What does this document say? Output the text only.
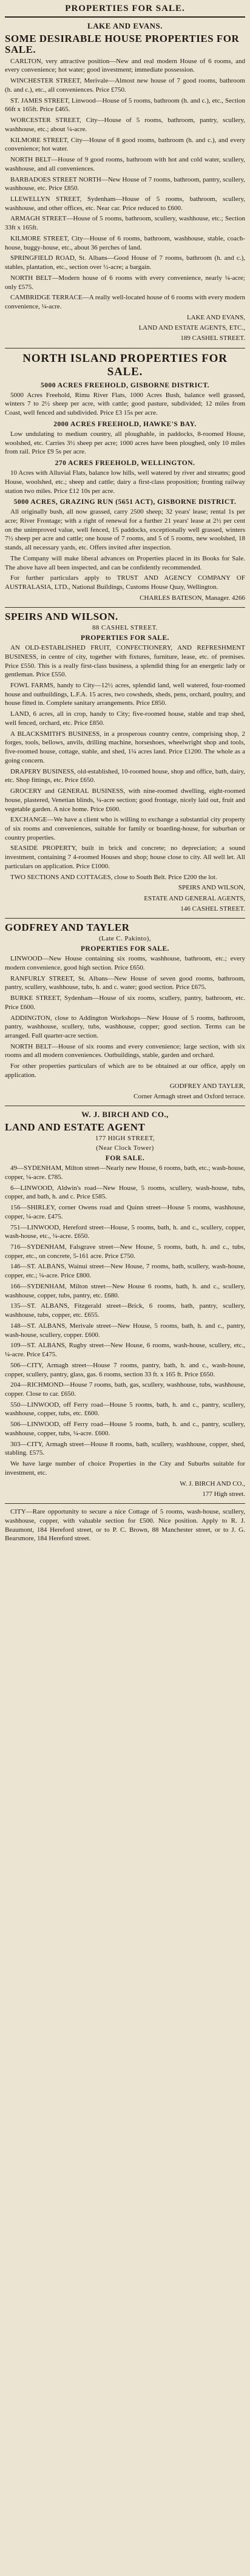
PROPERTIES FOR SALE.
LAKE AND EVANS.
SOME DESIRABLE HOUSE PROPERTIES FOR SALE.

CARLTON, very attractive position—New and real modern House of 6 rooms, and every convenience; hot water; good investment; immediate possession.

WINCHESTER STREET, Merivale—Almost new house of 7 good rooms, bathroom (h. and c.), etc., all conveniences. Price £750.

ST. JAMES STREET, Linwood—House of 5 rooms, bathroom (h. and c.), etc., Section 66ft x 165ft. Price £465.

WORCESTER STREET, City—House of 5 rooms, bathroom, pantry, scullery, washhouse, etc.; about ¼-acre.

KILMORE STREET, City—House of 8 good rooms, bathroom (h. and c.), and every convenience; hot water.

NORTH BELT—House of 9 good rooms, bathroom with hot and cold water, scullery, washhouse, and all conveniences.

BARBADOES STREET NORTH—New House of 7 rooms, bathroom, pantry, scullery, washhouse, etc. Price £850.

LLEWELLYN STREET, Sydenham—House of 5 rooms, bathroom, scullery, washhouse, and other offices, etc. Near car. Price reduced to £600.

ARMAGH STREET—House of 5 rooms, bathroom, scullery, washhouse, etc.; Section 33ft x 165ft.

KILMORE STREET, City—House of 6 rooms, bathroom, washhouse, stable, coach-house, buggy-house, etc., about 36 perches of land.

SPRINGFIELD ROAD, St. Albans—Good House of 7 rooms, bathroom (h. and c.), stables, plantation, etc., section over ½-acre; a bargain.

NORTH BELT—Modern house of 6 rooms with every convenience, nearly ¼-acre; only £575.

CAMBRIDGE TERRACE—A really well-located house of 6 rooms with every modern convenience, ¼-acre.

LAKE AND EVANS,
LAND AND ESTATE AGENTS, ETC.,
189 CASHEL STREET.
NORTH ISLAND PROPERTIES FOR SALE.
5000 ACRES FREEHOLD, GISBORNE DISTRICT.

5000 Acres Freehold, Rimu River Flats, 1000 Acres Bush, balance well grassed, winters 7 to 2½ sheep per acre, with cattle; good pasture, subdivided; 12 miles from Coast, well fenced and subdivided. Price £3 15s per acre.

2000 ACRES FREEHOLD, HAWKE'S BAY.

Low undulating to medium country, all ploughable, in paddocks, 8-roomed House, woolshed, etc. Carries 3½ sheep per acre; 1000 acres have been ploughed, only 10 miles from rail. Price £9 5s per acre.

270 ACRES FREEHOLD, WELLINGTON.

10 Acres with Alluvial Flats, balance low hills, well watered by river and streams; good House, woolshed, etc.; sheep and cattle; dairy a first-class proposition; fronting railway station two miles. Price £12 10s per acre.

5000 ACRES, GRAZING RUN (5651 ACT), GISBORNE DISTRICT.

All originally bush, all now grassed, carry 2500 sheep; 32 years' lease; rental 1s per acre; River Frontage; with a right of renewal for a further 21 years' lease at 2½ per cent on the unimproved value, well fenced, 15 paddocks, exceptionally well grassed, winters 7½ sheep per acre and cattle; one house of 7 rooms, and 5 of 5 rooms, new woolshed, 18 stands, all necessary yards, etc. Offers invited after inspection.

The Company will make liberal advances on Properties placed in its Books for Sale. The above have all been inspected, and can be confidently recommended.

For further particulars apply to TRUST AND AGENCY COMPANY OF AUSTRALASIA, LTD., National Buildings, Customs House Quay, Wellington.

CHARLES BATESON, Manager. 4266
SPEIRS AND WILSON.
88 CASHEL STREET.
PROPERTIES FOR SALE.

AN OLD-ESTABLISHED FRUIT, CONFECTIONERY, AND REFRESHMENT BUSINESS, in centre of city, together with fixtures, furniture, lease, etc. of premises. Price £550. This is a really first-class business, a splendid thing for an energetic lady or gentleman. Price £550.

FOWL FARMS, handy to City—12½ acres, splendid land, well watered, four-roomed house and outbuildings, L.F.A. 15 acres, two cowsheds, sheds, pens, orchard, poultry, and house fitted in. Complete sanitary arrangements. Price £850.

LAND, 6 acres, all in crop, handy to City; five-roomed house, stable and trap shed, well fenced, orchard, etc. Price £850.

A BLACKSMITH'S BUSINESS, in a prosperous country centre, comprising shop, 2 forges, tools, bellows, anvils, drilling machine, horseshoes, wheelwright shop and tools, five-roomed house, cottage, stable, and shed, 1¼ acres land. Price £1200. The whole as a going concern.

DRAPERY BUSINESS, old-established, 10-roomed house, shop and office, bath, dairy, etc. Shop fittings, etc. Price £650.

GROCERY and GENERAL BUSINESS, with nine-roomed dwelling, eight-roomed house, plastered, Venetian blinds, ¼-acre section; good frontage, nicely laid out, fruit and vegetable garden. A nice home. Price £600.

EXCHANGE—We have a client who is willing to exchange a substantial city property of six rooms and conveniences, suitable for family or boarding-house, for suburban or country properties.

SEASIDE PROPERTY, built in brick and concrete; no depreciation; a sound investment, containing 7 4-roomed Houses and shop; house close to city. All well let. All particulars on application. Price £1000.

TWO SECTIONS AND COTTAGES, close to South Belt. Price £200 the lot.

SPEIRS AND WILSON,
ESTATE AND GENERAL AGENTS,
146 CASHEL STREET.
GODFREY AND TAYLER
(Late C. Pakinto),
PROPERTIES FOR SALE.

LINWOOD—New House containing six rooms, washhouse, bathroom, etc.; every modern convenience, good high section. Price £650.

RANFURLY STREET, St. Albans—New House of seven good rooms, bathroom, pantry, scullery, washhouse, tubs, h. and c. water; good section. Price £675.

BURKE STREET, Sydenham—House of six rooms, scullery, pantry, bathroom, etc. Price £600.

ADDINGTON, close to Addington Workshops—New House of 5 rooms, bathroom, pantry, washhouse, scullery, tubs, washhouse, copper; good section. Terms can be arranged. Full quarter-acre section.

NORTH BELT—House of six rooms and every convenience; large section, with six rooms and all modern conveniences. Outbuildings, stable, garden and orchard.

For other properties particulars of which are to be obtained at our office, apply on application.

GODFREY AND TAYLER,
Corner Armagh street and Oxford terrace.
W. J. BIRCH AND CO.,
LAND AND ESTATE AGENT
177 HIGH STREET,
(Near Clock Tower)
FOR SALE.

49—SYDENHAM, Milton street—Nearly new House, 6 rooms, bath, etc.; wash-house, copper, ¼-acre. £785.

6—LINWOOD, Aldwin's road—New House, 5 rooms, scullery, wash-house, tubs, copper, and bath, h. and c. Price £585.

156—SHIRLEY, corner Owens road and Quinn street—House 5 rooms, washhouse, copper, ¼-acre. £475.

751—LINWOOD, Hereford street—House, 5 rooms, bath, h. and c., scullery, copper, wash-house, etc., ¼-acre. £650.

716—SYDENHAM, Falsgrave street—New House, 5 rooms, bath, h. and c., tubs, copper, etc., on concrete, 5-161 acre. Price £750.

146—ST. ALBANS, Wainui street—New House, 7 rooms, bath, scullery, wash-house, copper, etc.; ¼-acre. Price £800.

166—SYDENHAM, Milton street—New House 6 rooms, bath, h. and c., scullery, washhouse, copper, tubs, pantry, etc. £680.

135—ST. ALBANS, Fitzgerald street—Brick, 6 rooms, bath, pantry, scullery, washhouse, tubs, copper, etc. £655.

148—ST. ALBANS, Merivale street—New House, 5 rooms, bath, h. and c., pantry, wash-house, scullery, copper. £600.

109—ST. ALBANS, Rugby street—New House, 6 rooms, wash-house, scullery, etc., ¼-acre. Price £475.

506—CITY, Armagh street—House 7 rooms, pantry, bath, h. and c., wash-house, copper, scullery, pantry, glass, gas. 6 rooms, section 33 ft. x 165 ft. Price £650.

204—RICHMOND—House 7 rooms, bath, gas, scullery, washhouse, tubs, washhouse, copper. Close to car. £650.

550—LINWOOD, off Ferry road—House 5 rooms, bath, h. and c., pantry, scullery, washhouse, copper, tubs, etc. £600.

506—LINWOOD, off Ferry road—House 5 rooms, bath, h. and c., pantry, scullery, washhouse, copper, tubs, ¼-acre. £600.

303—CITY, Armagh street—House 8 rooms, bath, scullery, washhouse, copper, shed, stabling. £575.

We have large number of choice Properties in the City and Suburbs suitable for investment, etc.

W. J. BIRCH AND CO.,
177 High street.

CITY—Rare opportunity to secure a nice Cottage of 5 rooms, wash-house, scullery, washhouse, copper, with valuable section for £500. Nice position. Apply to R. J. Beaumont, 184 Hereford street, or to P. C. Brown, 88 Manchester street, or to J. G. Bearsmore, 184 Hereford street.
